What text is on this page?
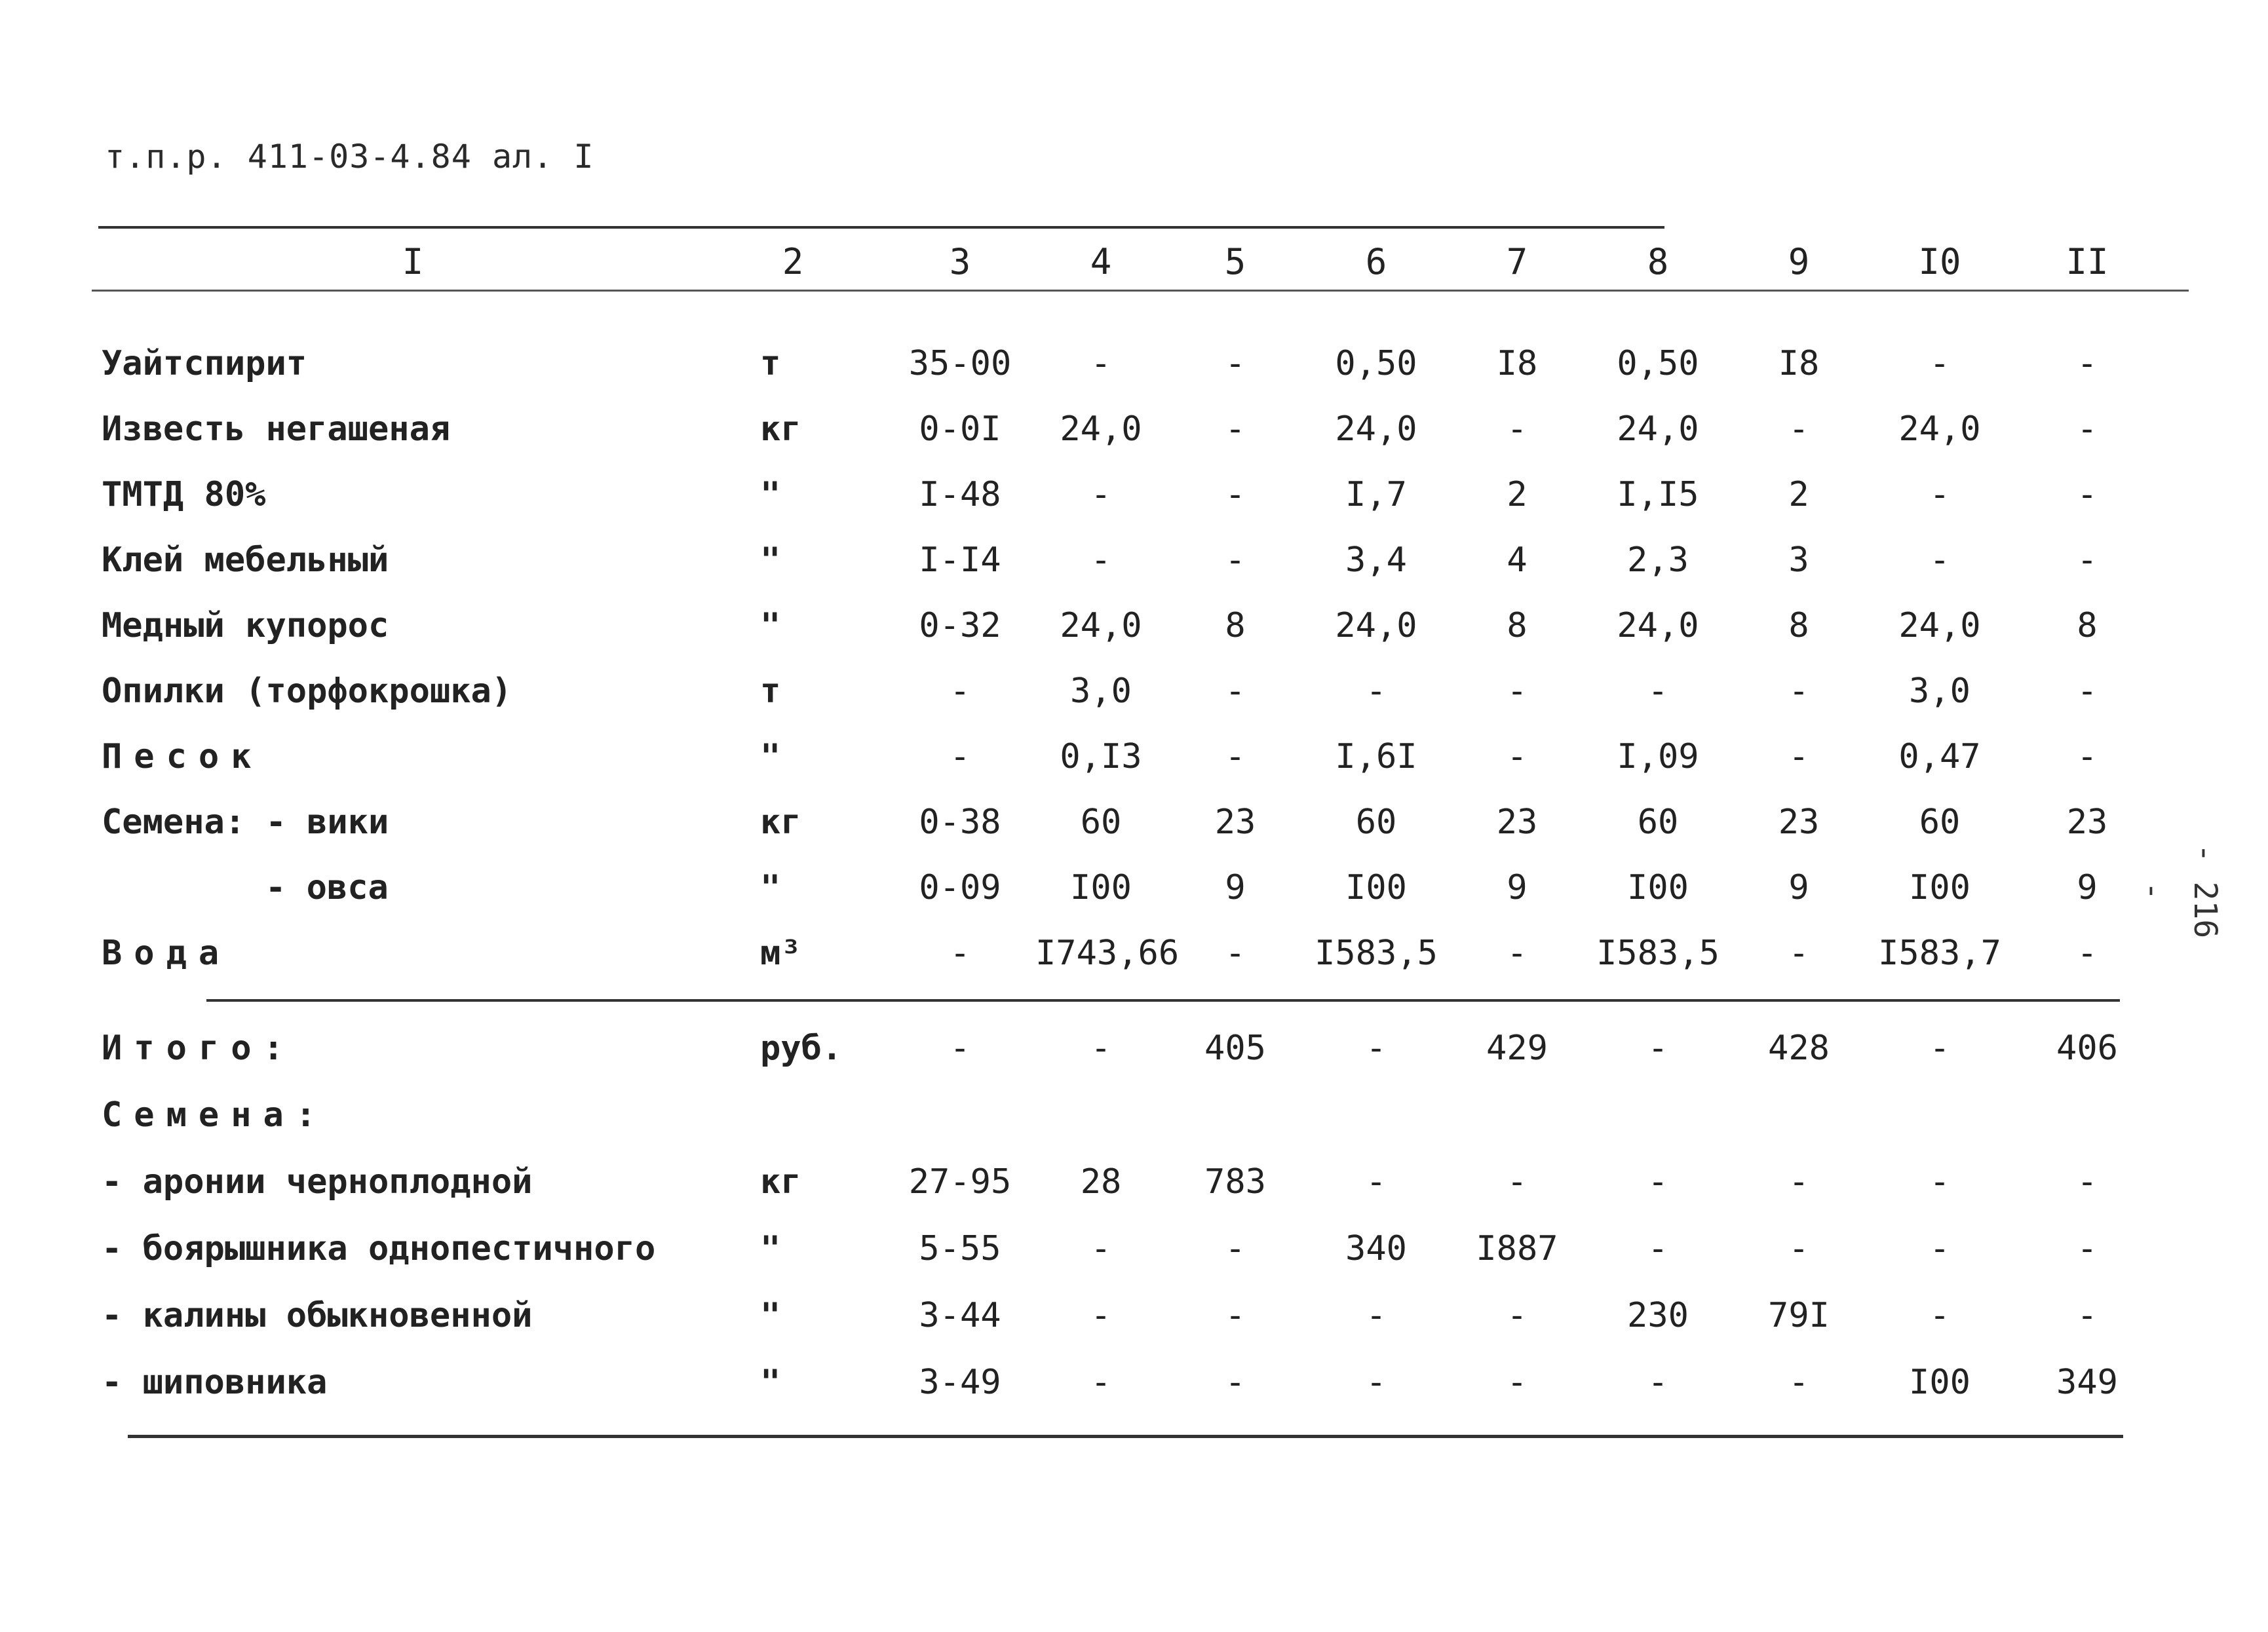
т.п.р. 411-03-4.84 ал. I
I	2	3	4	5	6	7	8	9	I0	II
Уайтспирит	т	35-00	-	-	0,50	I8	0,50	I8	-	-
Известь негашеная	кг	0-0I	24,0	-	24,0	-	24,0	-	24,0	-
ТМТД 80%	"	I-48	-	-	I,7	2	I,I5	2	-	-
Клей мебельный	"	I-I4	-	-	3,4	4	2,3	3	-	-
Медный купорос	"	0-32	24,0	8	24,0	8	24,0	8	24,0	8
Опилки (торфокрошка)	т	-	3,0	-	-	-	-	-	3,0	-
Песок	"	-	0,I3	-	I,6I	-	I,09	-	0,47	-
Семена: - вики	кг	0-38	60	23	60	23	60	23	60	23
- овса	"	0-09	I00	9	I00	9	I00	9	I00	9
Вода	м³	-	I743,66	-	I583,5	-	I583,5	-	I583,7	-
Итого:	руб.	-	-	405	-	429	-	428	-	406
Семена:
- аронии черноплодной	кг	27-95	28	783	-	-	-	-	-	-
- боярышника однопестичного	"	5-55	-	-	340	I887	-	-	-	-
- калины обыкновенной	"	3-44	-	-	-	-	230	79I	-	-
- шиповника	"	3-49	-	-	-	-	-	-	I00	349
- 216 -
